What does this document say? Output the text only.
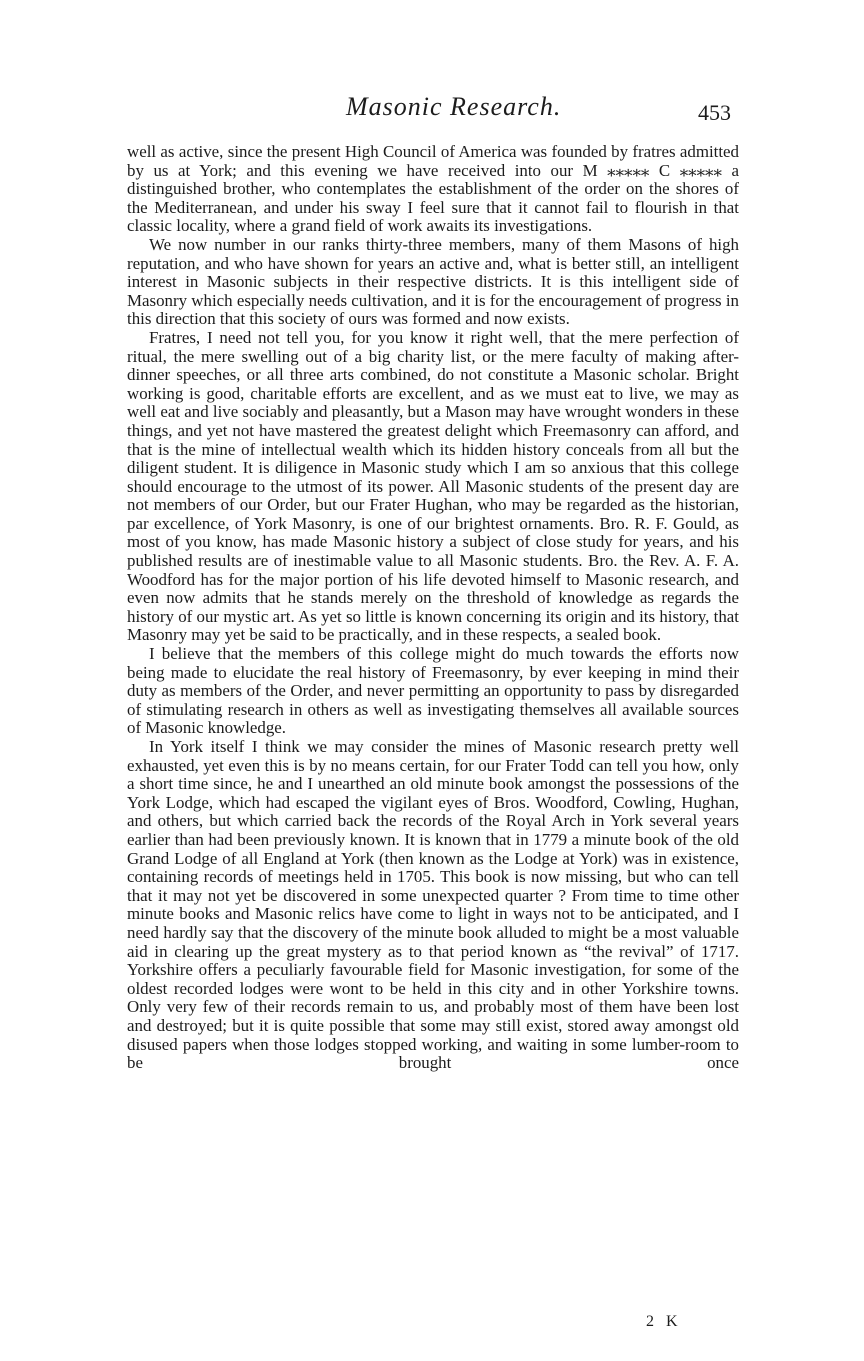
Masonic Research.	453

well as active, since the present High Council of America was founded by fratres admitted by us at York; and this evening we have received into our M ⁎⁎⁎⁎⁎ C ⁎⁎⁎⁎⁎ a distinguished brother, who contemplates the establishment of the order on the shores of the Mediterranean, and under his sway I feel sure that it cannot fail to flourish in that classic locality, where a grand field of work awaits its investigations.

We now number in our ranks thirty-three members, many of them Masons of high reputation, and who have shown for years an active and, what is better still, an intelligent interest in Masonic subjects in their respective districts. It is this intelligent side of Masonry which especially needs cultivation, and it is for the encouragement of progress in this direction that this society of ours was formed and now exists.

Fratres, I need not tell you, for you know it right well, that the mere perfection of ritual, the mere swelling out of a big charity list, or the mere faculty of making after-dinner speeches, or all three arts combined, do not constitute a Masonic scholar. Bright working is good, charitable efforts are excellent, and as we must eat to live, we may as well eat and live sociably and pleasantly, but a Mason may have wrought wonders in these things, and yet not have mastered the greatest delight which Freemasonry can afford, and that is the mine of intellectual wealth which its hidden history conceals from all but the diligent student. It is diligence in Masonic study which I am so anxious that this college should encourage to the utmost of its power. All Masonic students of the present day are not members of our Order, but our Frater Hughan, who may be regarded as the historian, par excellence, of York Masonry, is one of our brightest ornaments. Bro. R. F. Gould, as most of you know, has made Masonic history a subject of close study for years, and his published results are of inestimable value to all Masonic students. Bro. the Rev. A. F. A. Woodford has for the major portion of his life devoted himself to Masonic research, and even now admits that he stands merely on the threshold of knowledge as regards the history of our mystic art. As yet so little is known concerning its origin and its history, that Masonry may yet be said to be practically, and in these respects, a sealed book.

I believe that the members of this college might do much towards the efforts now being made to elucidate the real history of Freemasonry, by ever keeping in mind their duty as members of the Order, and never permitting an opportunity to pass by disregarded of stimulating research in others as well as investigating themselves all available sources of Masonic knowledge.

In York itself I think we may consider the mines of Masonic research pretty well exhausted, yet even this is by no means certain, for our Frater Todd can tell you how, only a short time since, he and I unearthed an old minute book amongst the possessions of the York Lodge, which had escaped the vigilant eyes of Bros. Woodford, Cowling, Hughan, and others, but which carried back the records of the Royal Arch in York several years earlier than had been previously known. It is known that in 1779 a minute book of the old Grand Lodge of all England at York (then known as the Lodge at York) was in existence, containing records of meetings held in 1705. This book is now missing, but who can tell that it may not yet be discovered in some unexpected quarter ? From time to time other minute books and Masonic relics have come to light in ways not to be anticipated, and I need hardly say that the discovery of the minute book alluded to might be a most valuable aid in clearing up the great mystery as to that period known as “the revival” of 1717. Yorkshire offers a peculiarly favourable field for Masonic investigation, for some of the oldest recorded lodges were wont to be held in this city and in other Yorkshire towns. Only very few of their records remain to us, and probably most of them have been lost and destroyed; but it is quite possible that some may still exist, stored away amongst old disused papers when those lodges stopped working, and waiting in some lumber-room to be brought once

2 K
